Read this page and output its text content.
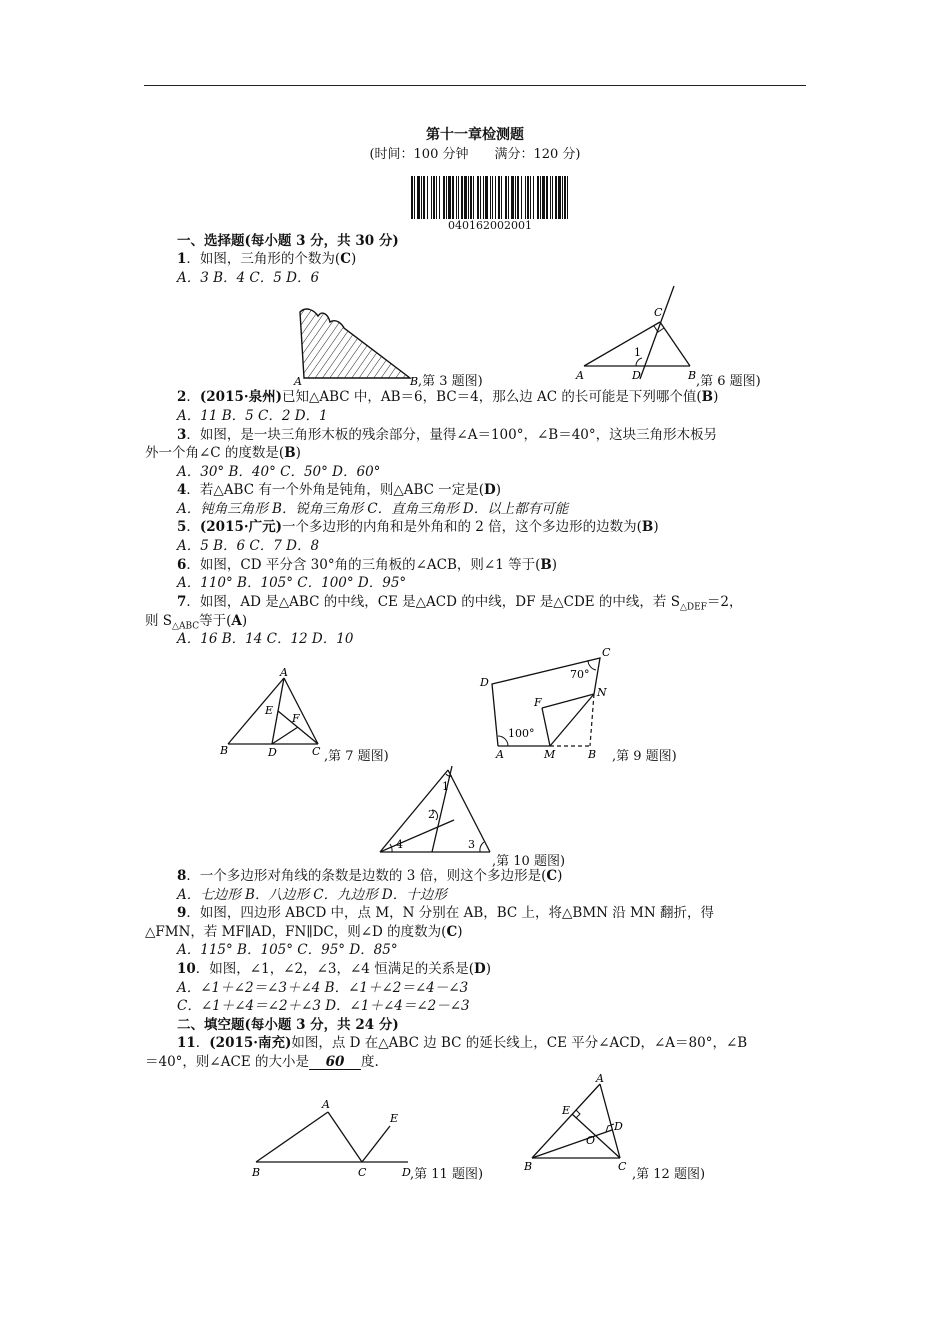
第十一章检测题
(时间：100 分钟　　满分：120 分)
040162002001
一、选择题(每小题 3 分，共 30 分)
1．如图，三角形的个数为(C)
A．3 B．4 C．5 D．6
A	B ,第 3 题图)	A	B
C
D
1
,第 6 题图)
2．(2015·泉州)已知△ABC 中，AB＝6，BC＝4，那么边 AC 的长可能是下列哪个值(B)
A．11 B．5 C．2 D．1
3．如图，是一块三角形木板的残余部分，量得∠A＝100°，∠B＝40°，这块三角形木板另
外一个角∠C 的度数是(B)
A．30° B．40° C．50° D．60°
4．若△ABC 有一个外角是钝角，则△ABC 一定是(D)
A．钝角三角形 B．锐角三角形 C．直角三角形 D．以上都有可能
5．(2015·广元)一个多边形的内角和是外角和的 2 倍，这个多边形的边数为(B)
A．5 B．6 C．7 D．8
6．如图，CD 平分含 30°角的三角板的∠ACB，则∠1 等于(B)
A．110° B．105° C．100° D．95°
7．如图，AD 是△ABC 的中线，CE 是△ACD 的中线，DF 是△CDE 的中线，若 $S_{\triangle DEF}=2$，
则 $S_{\triangle ABC}$等于(A)
A．16 B．14 C．12 D．10
A
B	C
D
E
F
,第 7 题图)	A	B
C
D
M
N
F
70°
100°
,第 9 题图)
1
2
3
4
,第 10 题图)
8．一个多边形对角线的条数是边数的 3 倍，则这个多边形是(C)
A．七边形 B．八边形 C．九边形 D．十边形
9．如图，四边形 ABCD 中，点 M，N 分别在 AB，BC 上，将△BMN 沿 MN 翻折，得
△FMN，若 MF∥AD，FN∥DC，则∠D 的度数为(C)
A．115° B．105° C．95° D．85°
10．如图，∠1，∠2，∠3，∠4 恒满足的关系是(D)
A．∠1＋∠2＝∠3＋∠4 B．∠1＋∠2＝∠4－∠3
C．∠1＋∠4＝∠2＋∠3 D．∠1＋∠4＝∠2－∠3
二、填空题(每小题 3 分，共 24 分)
11．(2015·南充)如图，点 D 在△ABC 边 BC 的延长线上，CE 平分∠ACD，∠A＝80°，∠B
＝40°，则∠ACE 的大小是 60 度.
A
B	C	D
E
,第 11 题图)
A
B	C
D
E
O
,第 12 题图)
